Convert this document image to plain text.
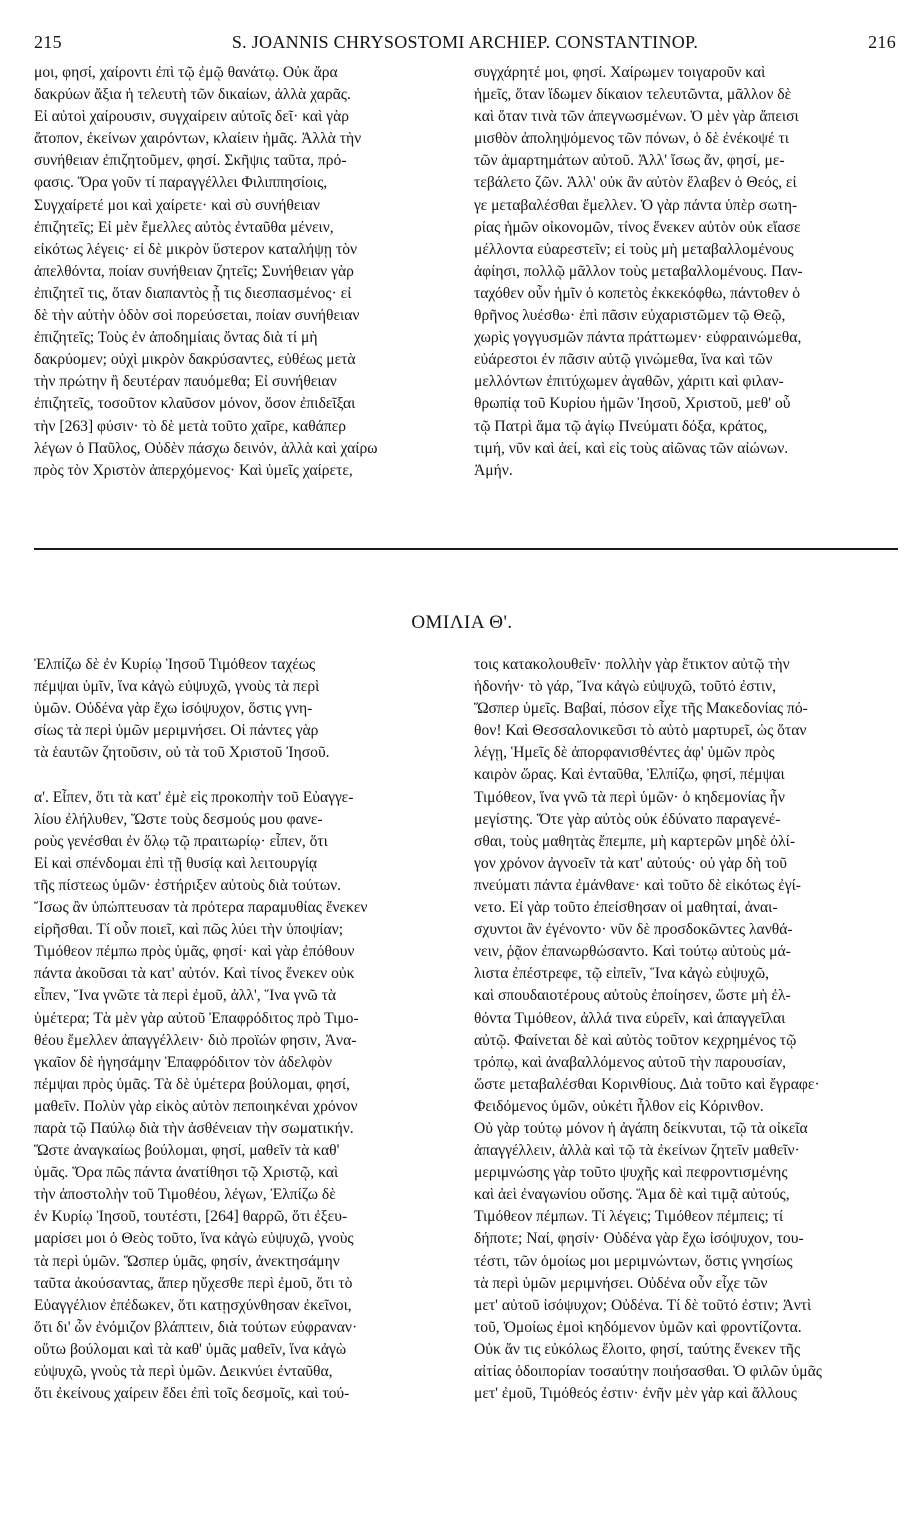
215	S. JOANNIS CHRYSOSTOMI ARCHIEP. CONSTANTINOP.	216
μοι, φησί, χαίροντι ἐπὶ τῷ ἐμῷ θανάτῳ. Οὐκ ἄρα
δακρύων ἄξια ἡ τελευτὴ τῶν δικαίων, ἀλλὰ χαρᾶς.
Εἰ αὐτοὶ χαίρουσιν, συγχαίρειν αὐτοῖς δεῖ· καὶ γὰρ
ἄτοπον, ἐκείνων χαιρόντων, κλαίειν ἡμᾶς. Ἀλλὰ τὴν
συνήθειαν ἐπιζητοῦμεν, φησί. Σκῆψις ταῦτα, πρό-
φασις. Ὅρα γοῦν τί παραγγέλλει Φιλιππησίοις,
Συγχαίρετέ μοι καὶ χαίρετε· καὶ σὺ συνήθειαν
ἐπιζητεῖς; Εἰ μὲν ἔμελλες αὐτὸς ἐνταῦθα μένειν,
εἰκότως λέγεις· εἰ δὲ μικρὸν ὕστερον καταλήψῃ τὸν
ἀπελθόντα, ποίαν συνήθειαν ζητεῖς; Συνήθειαν γὰρ
ἐπιζητεῖ τις, ὅταν διαπαντὸς ᾖ τις διεσπασμένος· εἰ
δὲ τὴν αὐτὴν ὁδὸν σοὶ πορεύσεται, ποίαν συνήθειαν
ἐπιζητεῖς; Τοὺς ἐν ἀποδημίαις ὄντας διὰ τί μὴ
δακρύομεν; οὐχὶ μικρὸν δακρύσαντες, εὐθέως μετὰ
τὴν πρώτην ἢ δευτέραν παυόμεθα; Εἰ συνήθειαν
ἐπιζητεῖς, τοσοῦτον κλαῦσον μόνον, ὅσον ἐπιδεῖξαι
τὴν [263] φύσιν· τὸ δὲ μετὰ τοῦτο χαῖρε, καθάπερ
λέγων ὁ Παῦλος, Οὐδὲν πάσχω δεινόν, ἀλλὰ καὶ χαίρω
πρὸς τὸν Χριστὸν ἀπερχόμενος· Καὶ ὑμεῖς χαίρετε,
συγχάρητέ μοι, φησί. Χαίρωμεν τοιγαροῦν καὶ
ἡμεῖς, ὅταν ἴδωμεν δίκαιον τελευτῶντα, μᾶλλον δὲ
καὶ ὅταν τινὰ τῶν ἀπεγνωσμένων. Ὁ μὲν γὰρ ἄπεισι
μισθὸν ἀποληψόμενος τῶν πόνων, ὁ δὲ ἐνέκοψέ τι
τῶν ἁμαρτημάτων αὐτοῦ. Ἀλλ' ἴσως ἄν, φησί, με-
τεβάλετο ζῶν. Ἀλλ' οὐκ ἂν αὐτὸν ἔλαβεν ὁ Θεός, εἰ
γε μεταβαλέσθαι ἔμελλεν. Ὁ γὰρ πάντα ὑπὲρ σωτη-
ρίας ἡμῶν οἰκονομῶν, τίνος ἕνεκεν αὐτὸν οὐκ εἴασε
μέλλοντα εὐαρεστεῖν; εἰ τοὺς μὴ μεταβαλλομένους
ἀφίησι, πολλῷ μᾶλλον τοὺς μεταβαλλομένους. Παν-
ταχόθεν οὖν ἡμῖν ὁ κοπετὸς ἐκκεκόφθω, πάντοθεν ὁ
θρῆνος λυέσθω· ἐπὶ πᾶσιν εὐχαριστῶμεν τῷ Θεῷ,
χωρὶς γογγυσμῶν πάντα πράττωμεν· εὐφραινώμεθα,
εὐάρεστοι ἐν πᾶσιν αὐτῷ γινώμεθα, ἵνα καὶ τῶν
μελλόντων ἐπιτύχωμεν ἀγαθῶν, χάριτι καὶ φιλαν-
θρωπίᾳ τοῦ Κυρίου ἡμῶν Ἰησοῦ, Χριστοῦ, μεθ' οὗ
τῷ Πατρὶ ἅμα τῷ ἁγίῳ Πνεύματι δόξα, κράτος,
τιμή, νῦν καὶ ἀεί, καὶ εἰς τοὺς αἰῶνας τῶν αἰώνων.
Ἀμήν.
ΟΜΙΛΙΑ Θ'.
Ἐλπίζω δὲ ἐν Κυρίῳ Ἰησοῦ Τιμόθεον ταχέως
πέμψαι ὑμῖν, ἵνα κἀγὼ εὐψυχῶ, γνοὺς τὰ περὶ
ὑμῶν. Οὐδένα γὰρ ἔχω ἰσόψυχον, ὅστις γνη-
σίως τὰ περὶ ὑμῶν μεριμνήσει. Οἱ πάντες γὰρ
τὰ ἑαυτῶν ζητοῦσιν, οὐ τὰ τοῦ Χριστοῦ Ἰησοῦ.

α'. Εἶπεν, ὅτι τὰ κατ' ἐμὲ εἰς προκοπὴν τοῦ Εὐαγγε-
λίου ἐλήλυθεν, Ὥστε τοὺς δεσμούς μου φανε-
ροὺς γενέσθαι ἐν ὅλῳ τῷ πραιτωρίῳ· εἶπεν, ὅτι
Εἰ καὶ σπένδομαι ἐπὶ τῇ θυσίᾳ καὶ λειτουργίᾳ
τῆς πίστεως ὑμῶν· ἐστήριξεν αὐτοὺς διὰ τούτων.
Ἴσως ἂν ὑπώπτευσαν τὰ πρότερα παραμυθίας ἕνεκεν
εἰρῆσθαι. Τί οὖν ποιεῖ, καὶ πῶς λύει τὴν ὑποψίαν;
Τιμόθεον πέμπω πρὸς ὑμᾶς, φησί· καὶ γὰρ ἐπόθουν
πάντα ἀκοῦσαι τὰ κατ' αὐτόν. Καὶ τίνος ἕνεκεν οὐκ
εἶπεν, Ἵνα γνῶτε τὰ περὶ ἐμοῦ, ἀλλ', Ἵνα γνῶ τὰ
ὑμέτερα; Τὰ μὲν γὰρ αὐτοῦ Ἐπαφρόδιτος πρὸ Τιμο-
θέου ἔμελλεν ἀπαγγέλλειν· διὸ προϊών φησιν, Ἀνα-
γκαῖον δὲ ἡγησάμην Ἐπαφρόδιτον τὸν ἀδελφὸν
πέμψαι πρὸς ὑμᾶς. Τὰ δὲ ὑμέτερα βούλομαι, φησί,
μαθεῖν. Πολὺν γὰρ εἰκὸς αὐτὸν πεποιηκέναι χρόνον
παρὰ τῷ Παύλῳ διὰ τὴν ἀσθένειαν τὴν σωματικήν.
Ὥστε ἀναγκαίως βούλομαι, φησί, μαθεῖν τὰ καθ'
ὑμᾶς. Ὅρα πῶς πάντα ἀνατίθησι τῷ Χριστῷ, καὶ
τὴν ἀποστολὴν τοῦ Τιμοθέου, λέγων, Ἐλπίζω δὲ
ἐν Κυρίῳ Ἰησοῦ, τουτέστι, [264] θαρρῶ, ὅτι ἐξευ-
μαρίσει μοι ὁ Θεὸς τοῦτο, ἵνα κἀγὼ εὐψυχῶ, γνοὺς
τὰ περὶ ὑμῶν. Ὥσπερ ὑμᾶς, φησίν, ἀνεκτησάμην
ταῦτα ἀκούσαντας, ἅπερ ηὔχεσθε περὶ ἐμοῦ, ὅτι τὸ
Εὐαγγέλιον ἐπέδωκεν, ὅτι κατῃσχύνθησαν ἐκεῖνοι,
ὅτι δι' ὧν ἐνόμιζον βλάπτειν, διὰ τούτων εὐφραναν·
οὕτω βούλομαι καὶ τὰ καθ' ὑμᾶς μαθεῖν, ἵνα κἀγὼ
εὐψυχῶ, γνοὺς τὰ περὶ ὑμῶν. Δεικνύει ἐνταῦθα,
ὅτι ἐκείνους χαίρειν ἔδει ἐπὶ τοῖς δεσμοῖς, καὶ τού-
τοις κατακολουθεῖν· πολλὴν γὰρ ἔτικτον αὐτῷ τὴν
ἡδονήν· τὸ γάρ, Ἵνα κἀγὼ εὐψυχῶ, τοῦτό ἐστιν,
Ὥσπερ ὑμεῖς. Βαβαί, πόσον εἶχε τῆς Μακεδονίας πό-
θον! Καὶ Θεσσαλονικεῦσι τὸ αὐτὸ μαρτυρεῖ, ὡς ὅταν
λέγῃ, Ἡμεῖς δὲ ἀπορφανισθέντες ἀφ' ὑμῶν πρὸς
καιρὸν ὥρας. Καὶ ἐνταῦθα, Ἐλπίζω, φησί, πέμψαι
Τιμόθεον, ἵνα γνῶ τὰ περὶ ὑμῶν· ὁ κηδεμονίας ἦν
μεγίστης. Ὅτε γὰρ αὐτὸς οὐκ ἐδύνατο παραγενέ-
σθαι, τοὺς μαθητὰς ἔπεμπε, μὴ καρτερῶν μηδὲ ὀλί-
γον χρόνον ἀγνοεῖν τὰ κατ' αὐτούς· οὐ γὰρ δὴ τοῦ
πνεύματι πάντα ἐμάνθανε· καὶ τοῦτο δὲ εἰκότως ἐγί-
νετο. Εἰ γὰρ τοῦτο ἐπείσθησαν οἱ μαθηταί, ἀναι-
σχυντοι ἂν ἐγένοντο· νῦν δὲ προσδοκῶντες λανθά-
νειν, ῥᾷον ἐπανωρθώσαντο. Καὶ τούτῳ αὐτοὺς μά-
λιστα ἐπέστρεφε, τῷ εἰπεῖν, Ἵνα κἀγὼ εὐψυχῶ,
καὶ σπουδαιοτέρους αὐτοὺς ἐποίησεν, ὥστε μὴ ἐλ-
θόντα Τιμόθεον, ἀλλά τινα εὑρεῖν, καὶ ἀπαγγεῖλαι
αὐτῷ. Φαίνεται δὲ καὶ αὐτὸς τοῦτον κεχρημένος τῷ
τρόπῳ, καὶ ἀναβαλλόμενος αὐτοῦ τὴν παρουσίαν,
ὥστε μεταβαλέσθαι Κορινθίους. Διὰ τοῦτο καὶ ἔγραφε·
Φειδόμενος ὑμῶν, οὐκέτι ἦλθον εἰς Κόρινθον.
Οὐ γὰρ τούτῳ μόνον ἡ ἀγάπη δείκνυται, τῷ τὰ οἰκεῖα
ἀπαγγέλλειν, ἀλλὰ καὶ τῷ τὰ ἐκείνων ζητεῖν μαθεῖν·
μεριμνώσης γὰρ τοῦτο ψυχῆς καὶ πεφροντισμένης
καὶ ἀεὶ ἐναγωνίου οὔσης. Ἅμα δὲ καὶ τιμᾷ αὐτούς,
Τιμόθεον πέμπων. Τί λέγεις; Τιμόθεον πέμπεις; τί
δήποτε; Ναί, φησίν· Οὐδένα γὰρ ἔχω ἰσόψυχον, του-
τέστι, τῶν ὁμοίως μοι μεριμνώντων, ὅστις γνησίως
τὰ περὶ ὑμῶν μεριμνήσει. Οὐδένα οὖν εἶχε τῶν
μετ' αὐτοῦ ἰσόψυχον; Οὐδένα. Τί δὲ τοῦτό ἐστιν; Ἀντὶ
τοῦ, Ὁμοίως ἐμοὶ κηδόμενον ὑμῶν καὶ φροντίζοντα.
Οὐκ ἄν τις εὐκόλως ἕλοιτο, φησί, ταύτης ἕνεκεν τῆς
αἰτίας ὁδοιπορίαν τοσαύτην ποιήσασθαι. Ὁ φιλῶν ὑμᾶς
μετ' ἐμοῦ, Τιμόθεός ἐστιν· ἐνῆν μὲν γὰρ καὶ ἄλλους
